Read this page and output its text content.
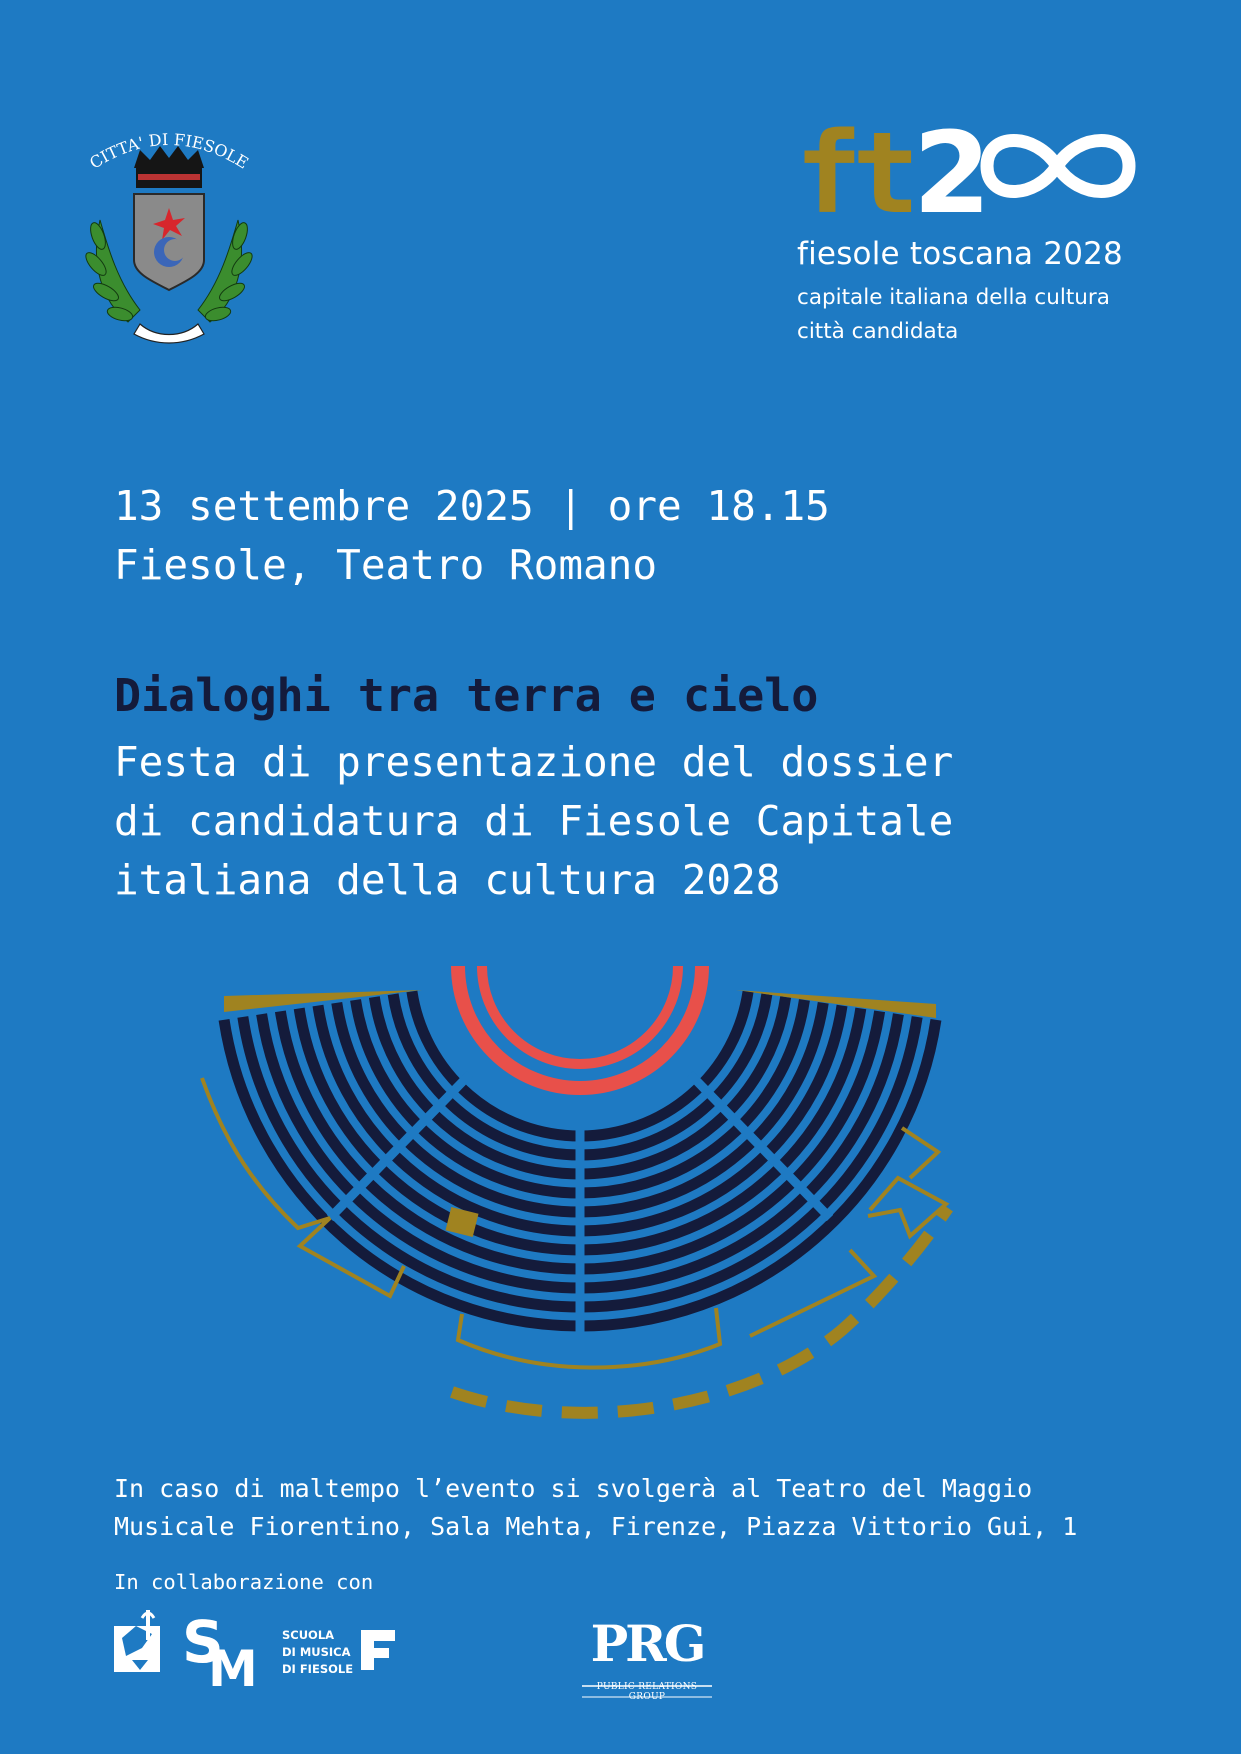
CITTA' DI FIESOLE	ft 2
fiesole toscana 2028
capitale italiana della cultura
città candidata
13 settembre 2025 | ore 18.15
Fiesole, Teatro Romano
Dialoghi tra terra e cielo
Festa di presentazione del dossier
di candidatura di Fiesole Capitale
italiana della cultura 2028
In caso di maltempo l’evento si svolgerà al Teatro del Maggio
Musicale Fiorentino, Sala Mehta, Firenze, Piazza Vittorio Gui, 1
In collaborazione con
S
M
SCUOLA
DI MUSICA
DI FIESOLE	PRG
PUBLIC RELATIONS GROUP
